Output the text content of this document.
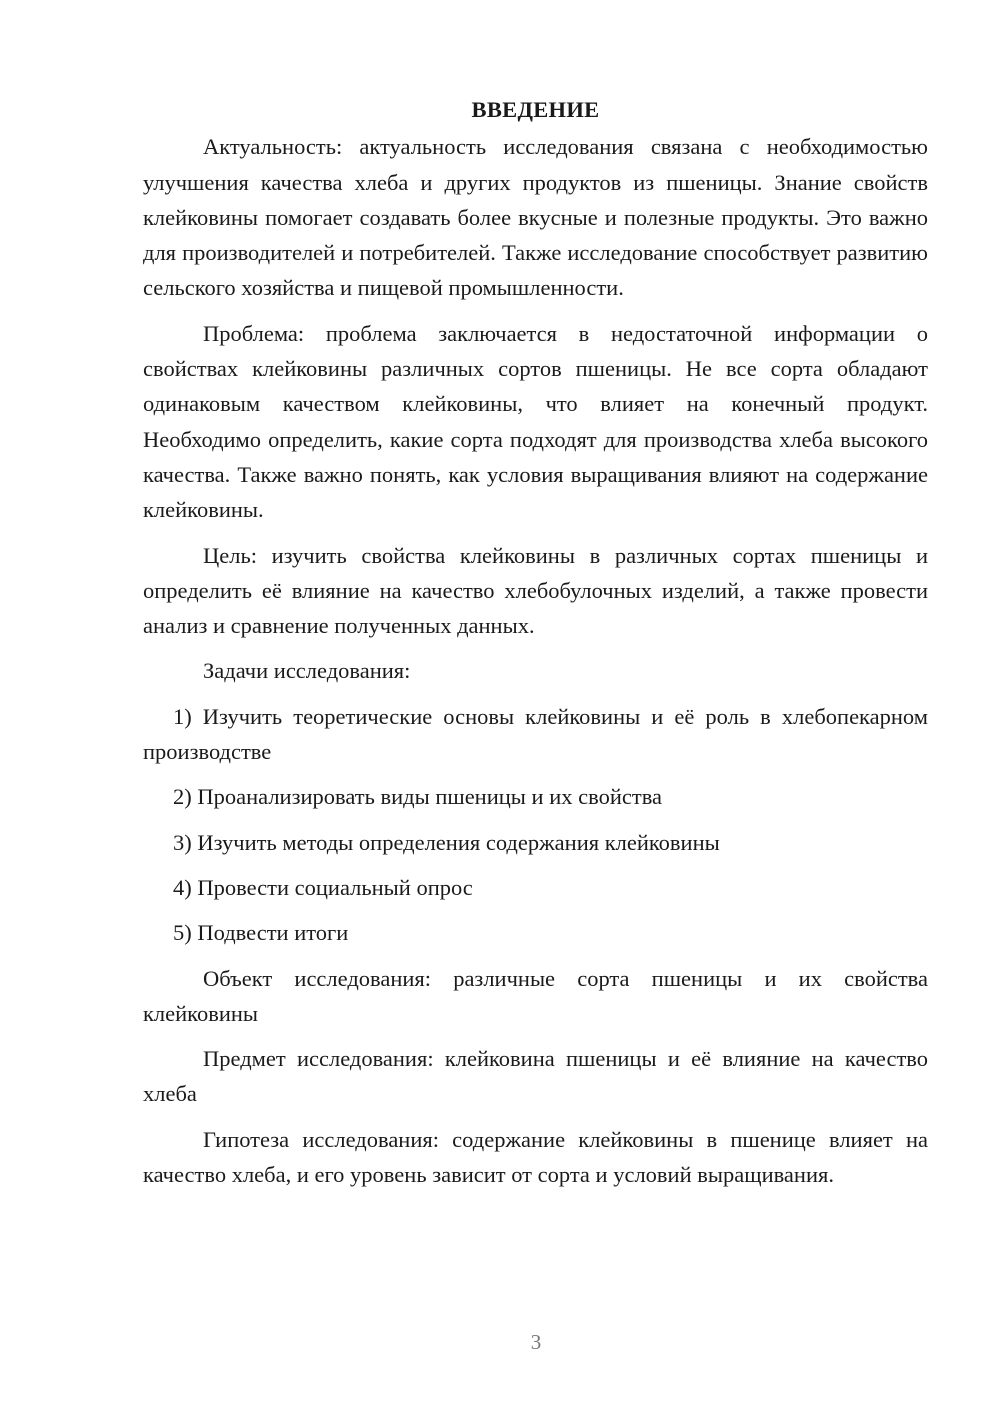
ВВЕДЕНИЕ

Актуальность: актуальность исследования связана с необходимостью улучшения качества хлеба и других продуктов из пшеницы. Знание свойств клейковины помогает создавать более вкусные и полезные продукты. Это важно для производителей и потребителей. Также исследование способствует развитию сельского хозяйства и пищевой промышленности.

Проблема: проблема заключается в недостаточной информации о свойствах клейковины различных сортов пшеницы. Не все сорта обладают одинаковым качеством клейковины, что влияет на конечный продукт. Необходимо определить, какие сорта подходят для производства хлеба высокого качества. Также важно понять, как условия выращивания влияют на содержание клейковины.

Цель: изучить свойства клейковины в различных сортах пшеницы и определить её влияние на качество хлебобулочных изделий, а также провести анализ и сравнение полученных данных.

Задачи исследования:

1) Изучить теоретические основы клейковины и её роль в хлебопекарном производстве

2) Проанализировать виды пшеницы и их свойства

3) Изучить методы определения содержания клейковины

4) Провести социальный опрос

5) Подвести итоги

Объект исследования: различные сорта пшеницы и их свойства клейковины

Предмет исследования: клейковина пшеницы и её влияние на качество хлеба

Гипотеза исследования: содержание клейковины в пшенице влияет на качество хлеба, и его уровень зависит от сорта и условий выращивания.

3
